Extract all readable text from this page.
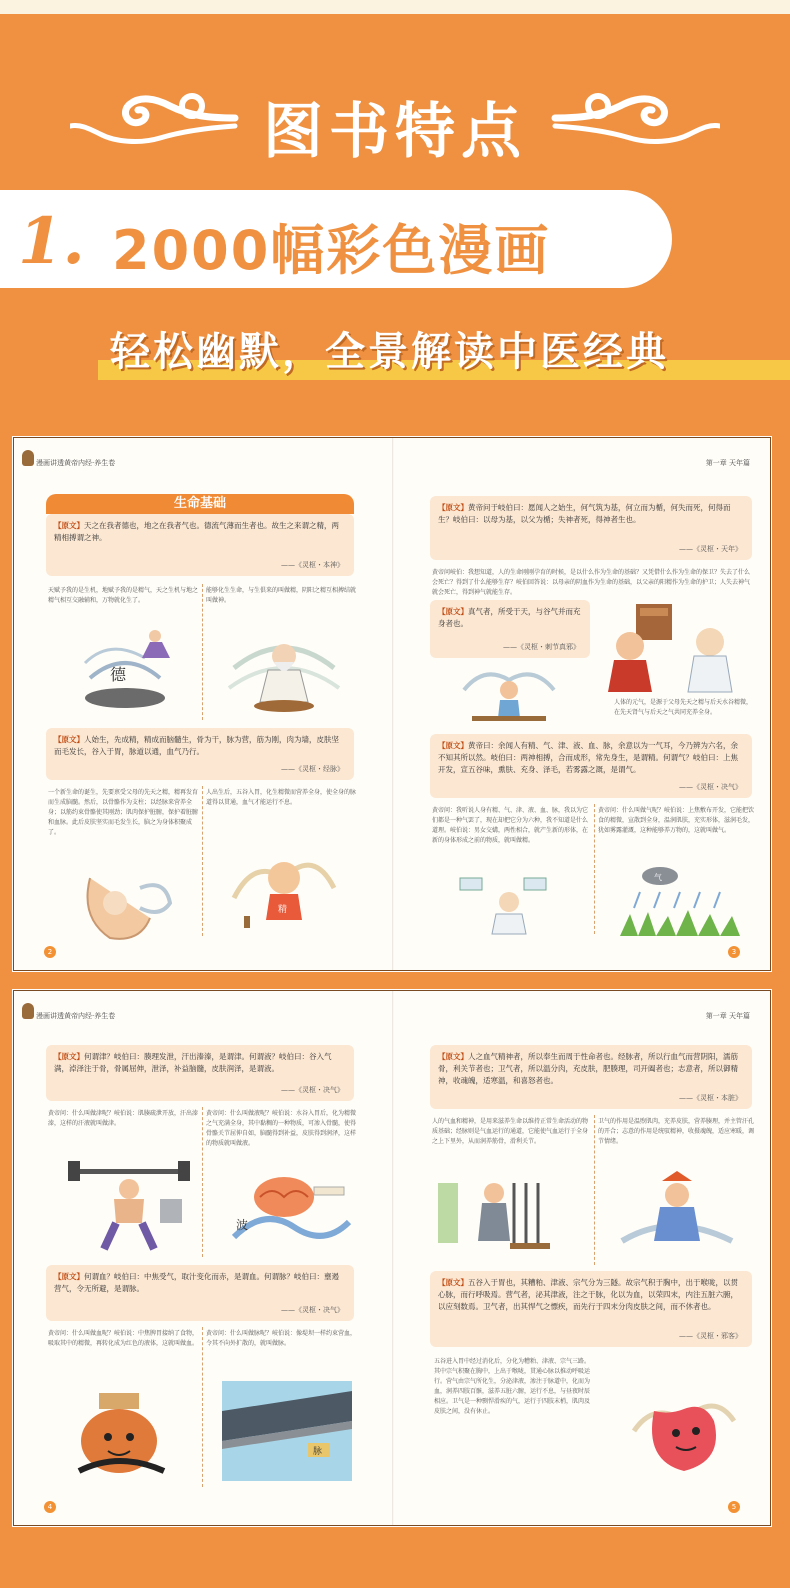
图书特点
1. 2000幅彩色漫画
轻松幽默，全景解读中医经典
漫画讲透黄帝内经·养生卷	第一章 天年篇
生命基础
【原文】天之在我者德也，地之在我者气也。德流气薄而生者也。故生之来谓之精，两精相搏谓之神。
——《灵枢・本神》
天赋予我的是生机，地赋予我的是精气，天之生机与地之精气相互交融辅和，万物就化生了。
能够化生生命，与生俱来的叫做精，阴阳之精互相搏结就叫做神。
德
【原文】人始生，先成精，精成而脑髓生，骨为干，脉为营，筋为刚，肉为墙，皮肤坚而毛发长，谷入于胃，脉道以通，血气乃行。
——《灵枢・经脉》
一个新生命的诞生，先要禀受父母的先天之精，精再发育而生成脑髓。然后，以骨骼作为支柱；以经脉来营养全身；以筋约束骨骼使其刚劲；肌肉保护脏腑，保护着脏腑和血脉。此后皮肤坚实而毛发生长，脑之为身体积聚成了。
人出生后，五谷入胃，化生精微而营养全身，使全身的脉道得以贯通，血气才能运行不息。
精
【原文】黄帝问于岐伯曰：愿闻人之始生，何气筑为基，何立而为楯，何失而死，何得而生？岐伯曰：以母为基，以父为楯；失神者死，得神者生也。
——《灵枢・天年》
黄帝问岐伯：我想知道，人的生命刚刚孕育的时候，是以什么作为生命的基础？又凭借什么作为生命的保卫？失去了什么会死亡？得到了什么能够生存？岐伯回答说：以母亲的阴血作为生命的基础，以父亲的阳精作为生命的护卫；人失去神气就会死亡，得到神气就能生存。
【原文】真气者，所受于天，与谷气并而充身者也。
——《灵枢・刺节真邪》
人体的元气，是源于父母先天之精与后天水谷精微，在先天肾气与后天之气共同充养全身。
【原文】黄帝曰：余闻人有精、气、津、液、血、脉，余意以为一气耳，今乃辨为六名，余不知其所以然。岐伯曰：两神相搏，合而成形，常先身生，是谓精。何谓气？岐伯曰：上焦开发，宣五谷味，熏肤、充身、泽毛，若雾露之溉，是谓气。
——《灵枢・决气》
黄帝问：我听说人身有精、气、津、液、血、脉，我以为它们都是一种气罢了，现在却把它分为六种，我不知道是什么道理。岐伯说：男女交媾，两性相合，就产生新的形体，在新的身体形成之前的物质，就叫做精。
黄帝问：什么叫做气呢？岐伯说：上焦敷布开发，它能把饮食的精微，宣散到全身，温润肌肤，充实形体，滋润毛发，犹如雾露灌溉，这种能够养万物的，这就叫做气。
气
2	3
漫画讲透黄帝内经·养生卷	第一章 天年篇
【原文】何谓津？岐伯曰：腠理发泄，汗出溱溱，是谓津。何谓液？岐伯曰：谷入气满，淖泽注于骨，骨属屈伸，泄泽，补益脑髓，皮肤润泽，是谓液。
——《灵枢・决气》
黄帝问：什么叫做津呢？岐伯说：肌腠疏泄开放，汗出溱溱，这样的汗液就叫做津。
黄帝问：什么叫做液呢？岐伯说：水谷入胃后，化为精微之气充满全身，其中黏稠的一种物质，可渗入骨髓，使得骨骼关节屈伸自如，脑髓得到补益，皮肤得到润泽，这样的物质就叫做液。
波
【原文】何谓血？岐伯曰：中焦受气，取汁变化而赤，是谓血。何谓脉？岐伯曰：壅遏营气，令无所避，是谓脉。
——《灵枢・决气》
黄帝问：什么叫做血呢？岐伯说：中焦脾胃接纳了食物，吸取其中的精微，再转化成为红色的液体，这就叫做血。
黄帝问：什么叫做脉呢？岐伯说：像堤坝一样约束营血，令其不向外扩散的，就叫做脉。
脉
【原文】人之血气精神者，所以奉生而周于性命者也。经脉者，所以行血气而营阴阳，濡筋骨，利关节者也；卫气者，所以温分肉，充皮肤，肥腠理，司开阖者也；志意者，所以御精神，收魂魄，适寒温，和喜怒者也。
——《灵枢・本脏》
人的气血和精神，是用来滋养生命以维持正常生命活动的物质基础；经脉则是气血运行的通道，它能使气血运行于全身之上下里外，从而润养筋骨，滑利关节。
卫气的作用是温煦肌肉，充养皮肤，营养腠理，并主管汗孔的开合；志意的作用是统驭精神，收摄魂魄，适应寒暖，调节情绪。
【原文】五谷入于胃也，其糟粕、津液、宗气分为三隧。故宗气积于胸中，出于喉咙，以贯心脉，而行呼吸焉。营气者，泌其津液，注之于脉，化以为血，以荣四末，内注五脏六腑，以应刻数焉。卫气者，出其悍气之慓疾，而先行于四末分肉皮肤之间，而不休者也。
——《灵枢・邪客》
五谷进入胃中经过消化后，分化为糟粕、津液、宗气三路。其中宗气积聚在胸中，上出于喉咙，贯通心脉以推动呼吸运行。营气由宗气所化生，分泌津液，渗注于脉道中，化而为血，润养四肢百骸，滋养五脏六腑，运行不息，与昼夜时辰相应。卫气是一种剽悍滑疾的气，运行于四肢末梢，肌肉及皮肤之间，没有休止。
4	5
